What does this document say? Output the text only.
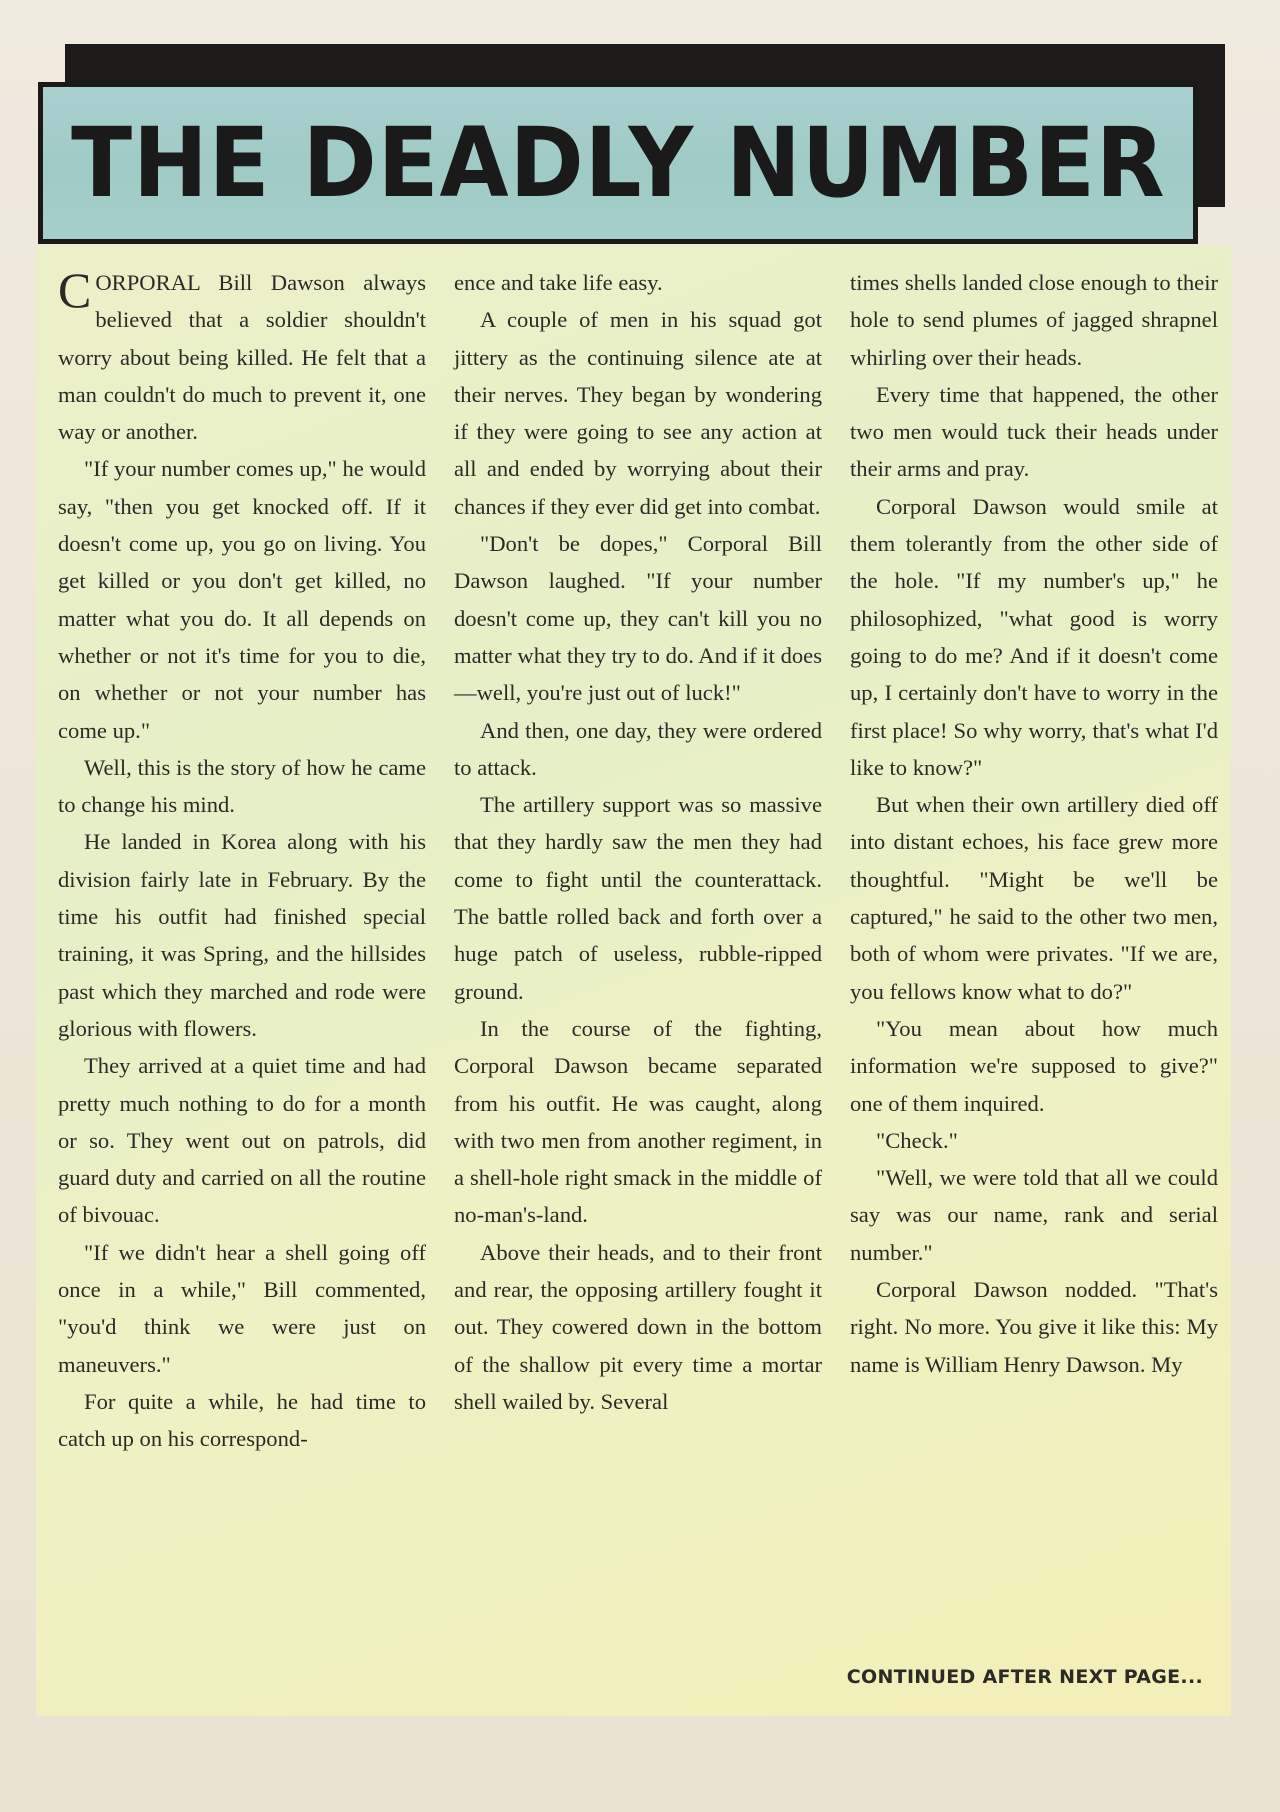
THE DEADLY NUMBER

CORPORAL Bill Dawson always believed that a soldier shouldn't worry about being killed. He felt that a man couldn't do much to prevent it, one way or another.

"If your number comes up," he would say, "then you get knocked off. If it doesn't come up, you go on living. You get killed or you don't get killed, no matter what you do. It all depends on whether or not it's time for you to die, on whether or not your number has come up."

Well, this is the story of how he came to change his mind.

He landed in Korea along with his division fairly late in February. By the time his outfit had finished special training, it was Spring, and the hillsides past which they marched and rode were glorious with flowers.

They arrived at a quiet time and had pretty much nothing to do for a month or so. They went out on patrols, did guard duty and carried on all the routine of bivouac.

"If we didn't hear a shell going off once in a while," Bill commented, "you'd think we were just on maneuvers."

For quite a while, he had time to catch up on his correspond-

ence and take life easy.

A couple of men in his squad got jittery as the continuing silence ate at their nerves. They began by wondering if they were going to see any action at all and ended by worrying about their chances if they ever did get into combat.

"Don't be dopes," Corporal Bill Dawson laughed. "If your number doesn't come up, they can't kill you no matter what they try to do. And if it does—well, you're just out of luck!"

And then, one day, they were ordered to attack.

The artillery support was so massive that they hardly saw the men they had come to fight until the counterattack. The battle rolled back and forth over a huge patch of useless, rubble-ripped ground.

In the course of the fighting, Corporal Dawson became separated from his outfit. He was caught, along with two men from another regiment, in a shell-hole right smack in the middle of no-man's-land.

Above their heads, and to their front and rear, the opposing artillery fought it out. They cowered down in the bottom of the shallow pit every time a mortar shell wailed by. Several

times shells landed close enough to their hole to send plumes of jagged shrapnel whirling over their heads.

Every time that happened, the other two men would tuck their heads under their arms and pray.

Corporal Dawson would smile at them tolerantly from the other side of the hole. "If my number's up," he philosophized, "what good is worry going to do me? And if it doesn't come up, I certainly don't have to worry in the first place! So why worry, that's what I'd like to know?"

But when their own artillery died off into distant echoes, his face grew more thoughtful. "Might be we'll be captured," he said to the other two men, both of whom were privates. "If we are, you fellows know what to do?"

"You mean about how much information we're supposed to give?" one of them inquired.

"Check."

"Well, we were told that all we could say was our name, rank and serial number."

Corporal Dawson nodded. "That's right. No more. You give it like this: My name is William Henry Dawson. My

CONTINUED AFTER NEXT PAGE...
